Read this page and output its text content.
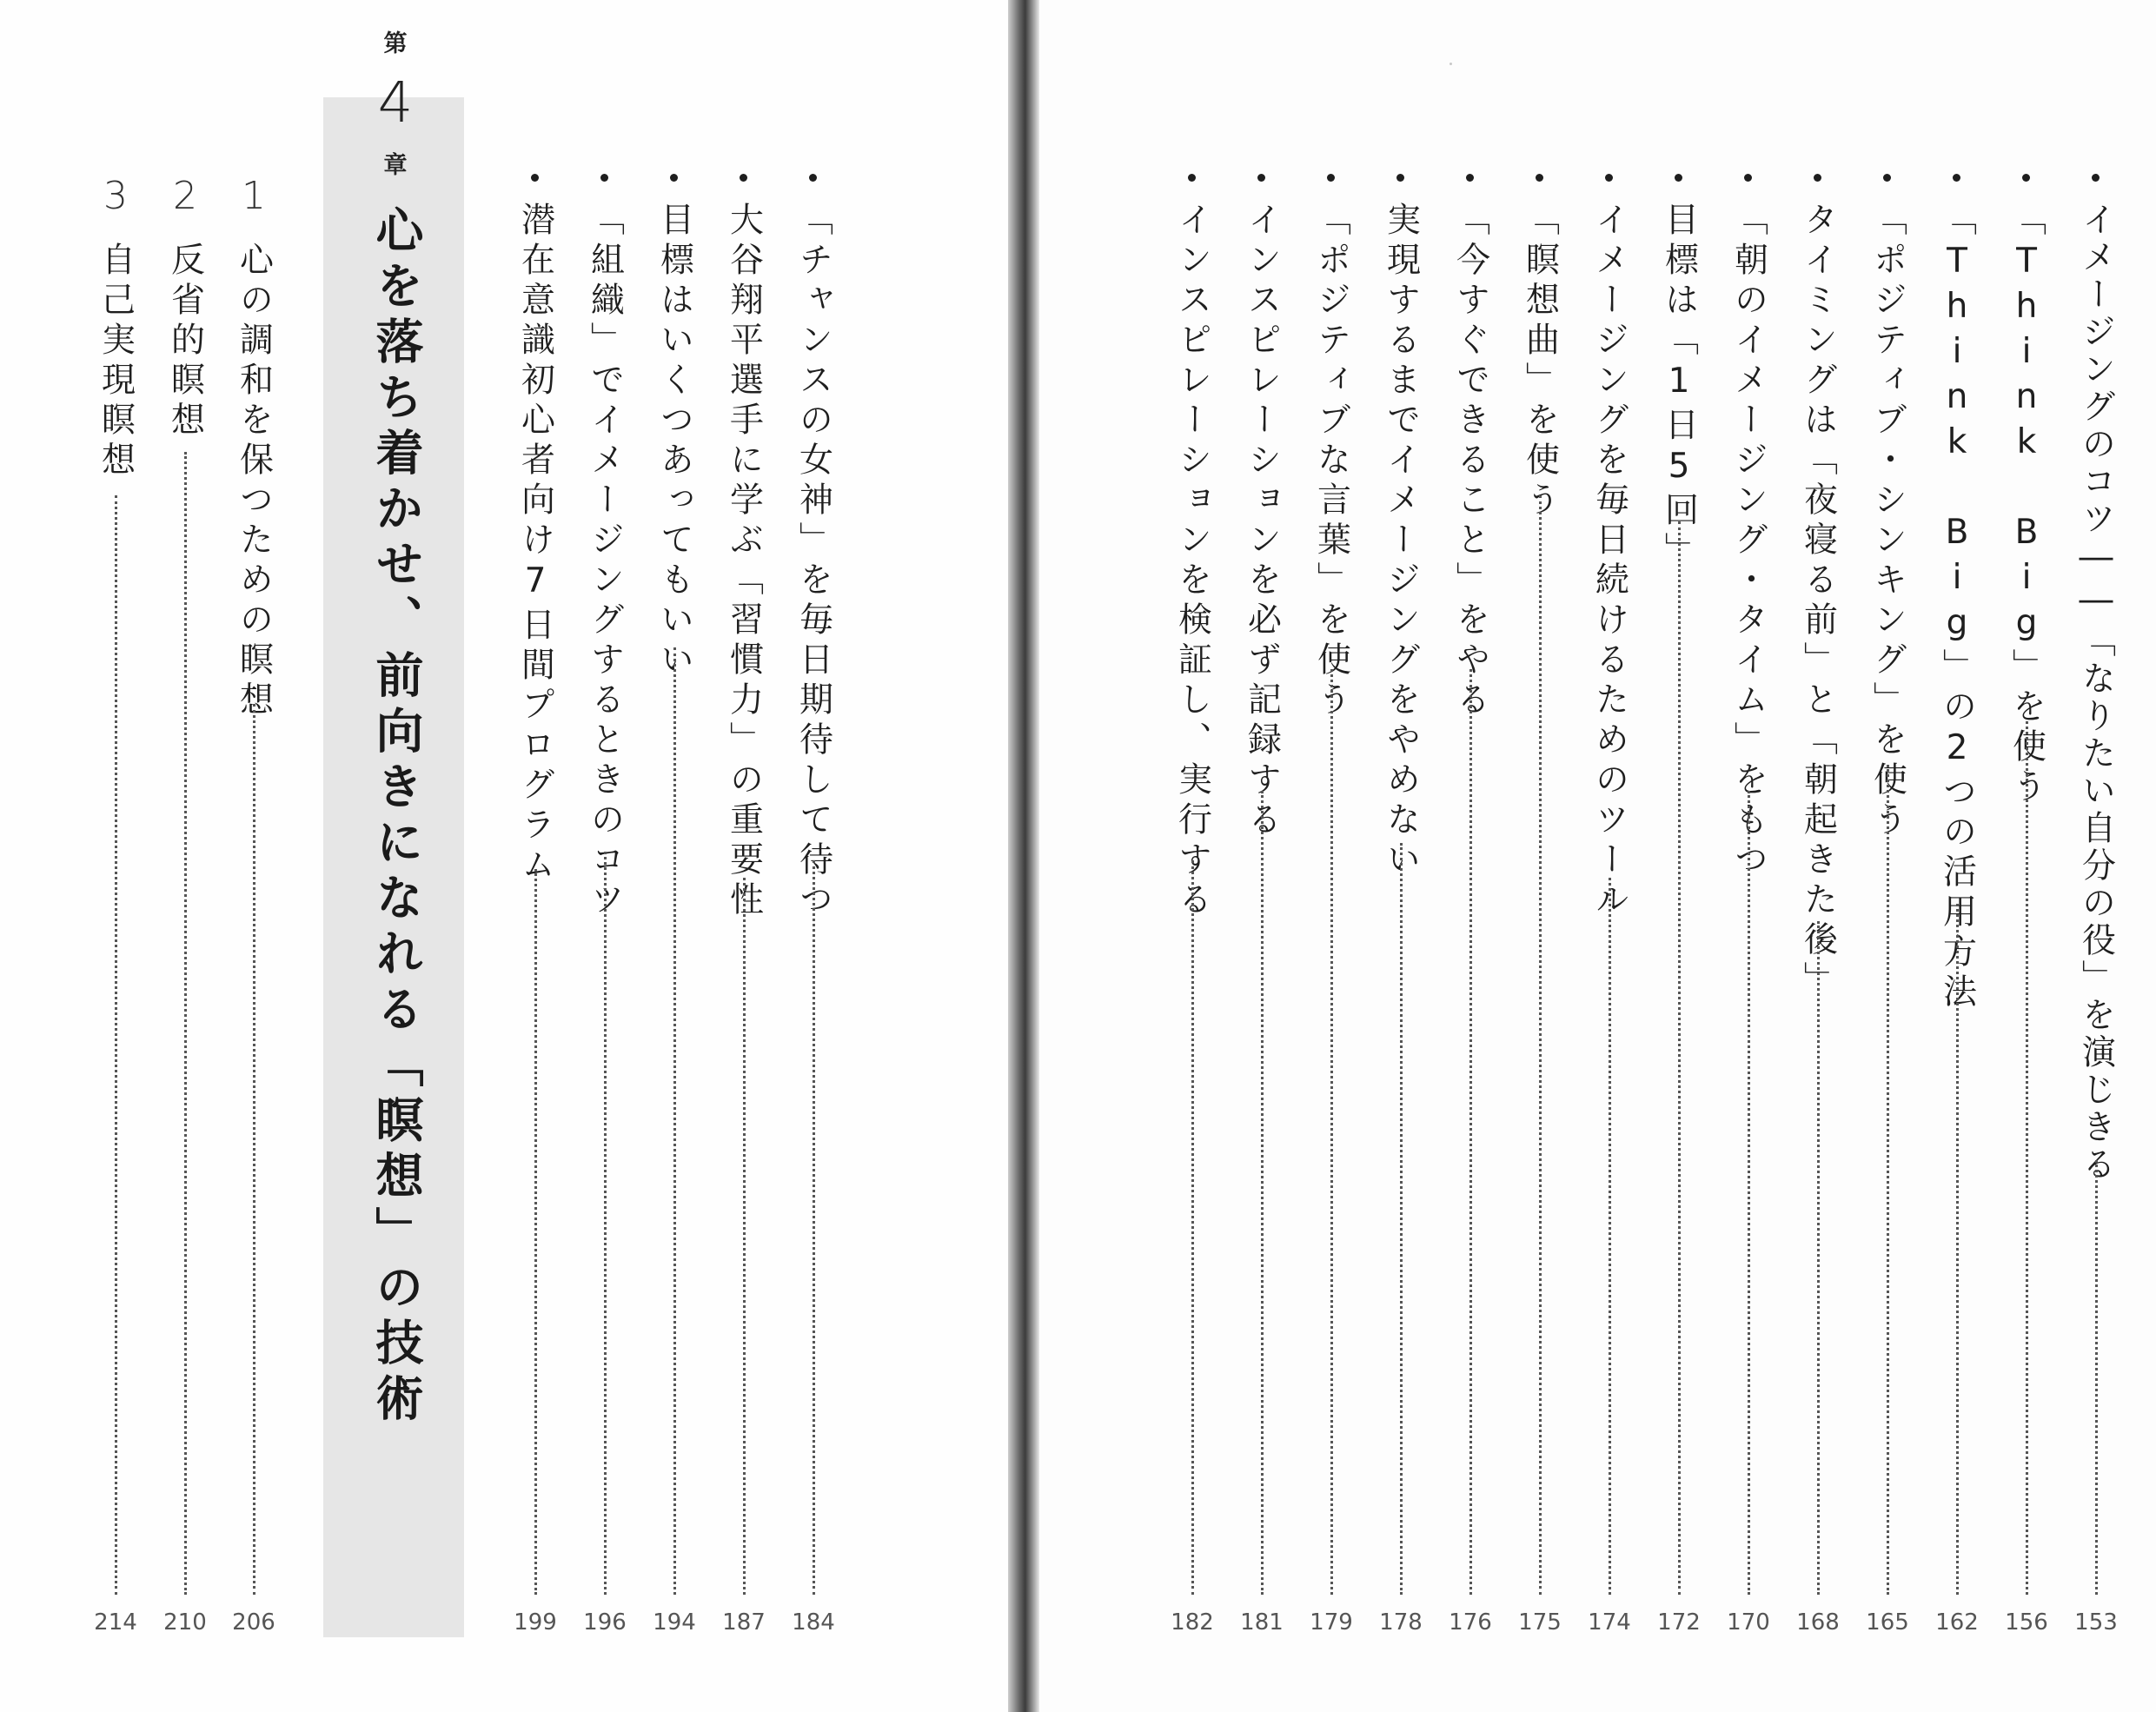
第
4
章
心を落ち着かせ、前向きになれる「瞑想」の技術
1
心の調和を保つための瞑想
206
2
反省的瞑想
210
3
自己実現瞑想
214
「チャンスの女神」を毎日期待して待つ
184
大谷翔平選手に学ぶ「習慣力」の重要性
187
目標はいくつあってもいい
194
「組織」でイメージングするときのコツ
196
潜在意識初心者向け7日間プログラム
199
イメージングのコツ――「なりたい自分の役」を演じきる
153
「Think Big」を使う
156
「Think Big」の2つの活用方法
162
「ポジティブ・シンキング」を使う
165
タイミングは「夜寝る前」と「朝起きた後」
168
「朝のイメージング・タイム」をもつ
170
目標は「1日5回」
172
イメージングを毎日続けるためのツール
174
「瞑想曲」を使う
175
「今すぐできること」をやる
176
実現するまでイメージングをやめない
178
「ポジティブな言葉」を使う
179
インスピレーションを必ず記録する
181
インスピレーションを検証し、実行する
182
